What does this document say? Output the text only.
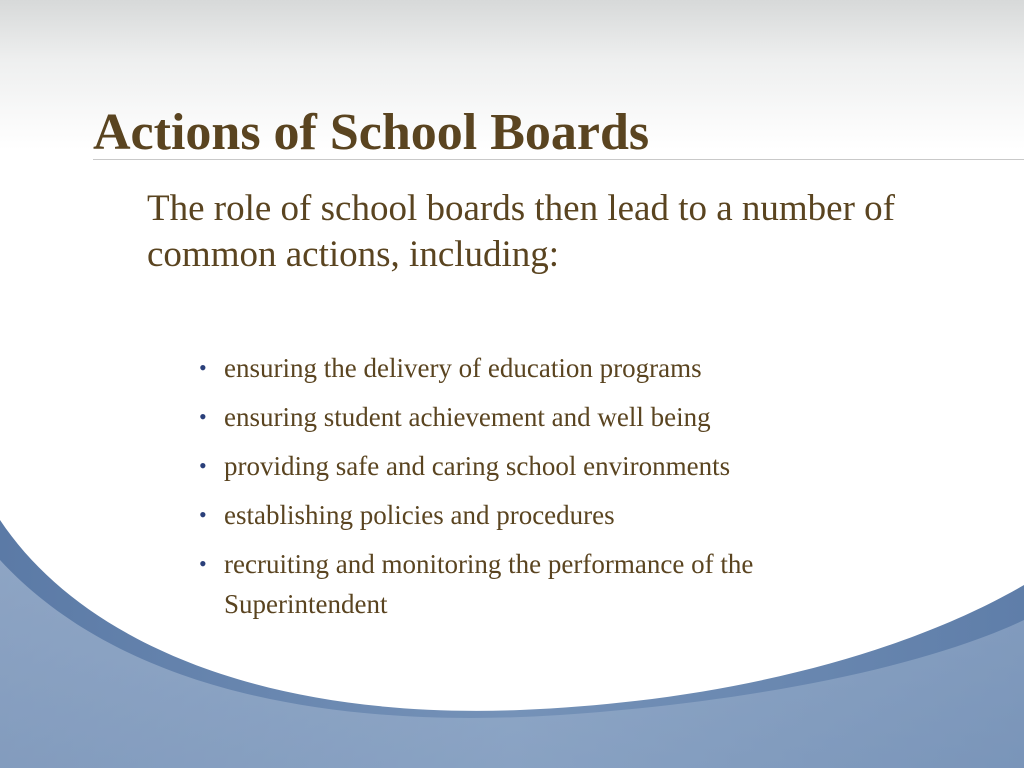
Actions of School Boards

The role of school boards then lead to a number of common actions, including:

• ensuring the delivery of education programs
• ensuring student achievement and well being
• providing safe and caring school environments
• establishing policies and procedures
• recruiting and monitoring the performance of the Superintendent
